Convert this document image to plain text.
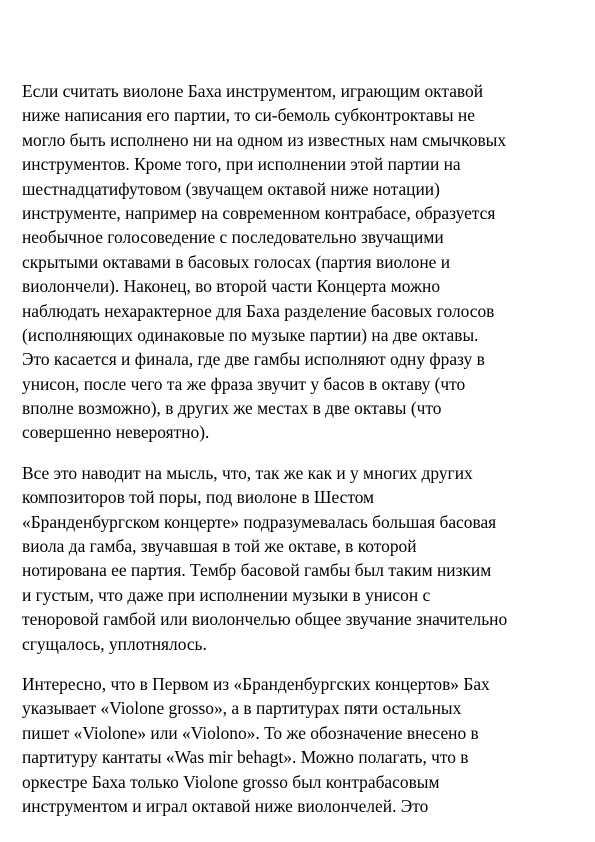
Если считать виолоне Баха инструментом, играющим октавой
ниже написания его партии, то си-бемоль субконтроктавы не
могло быть исполнено ни на одном из известных нам смычковых
инструментов. Кроме того, при исполнении этой партии на
шестнадцатифутовом (звучащем октавой ниже нотации)
инструменте, например на современном контрабасе, образуется
необычное голосоведение с последовательно звучащими
скрытыми октавами в басовых голосах (партия виолоне и
виолончели). Наконец, во второй части Концерта можно
наблюдать нехарактерное для Баха разделение басовых голосов
(исполняющих одинаковые по музыке партии) на две октавы.
Это касается и финала, где две гамбы исполняют одну фразу в
унисон, после чего та же фраза звучит у басов в октаву (что
вполне возможно), в других же местах в две октавы (что
совершенно невероятно).
Все это наводит на мысль, что, так же как и у многих других
композиторов той поры, под виолоне в Шестом
«Бранденбургском концерте» подразумевалась большая басовая
виола да гамба, звучавшая в той же октаве, в которой
нотирована ее партия. Тембр басовой гамбы был таким низким
и густым, что даже при исполнении музыки в унисон с
теноровой гамбой или виолончелью общее звучание значительно
сгущалось, уплотнялось.
Интересно, что в Первом из «Бранденбургских концертов» Бах
указывает «Violone grosso», а в партитурах пяти остальных
пишет «Violone» или «Violono». То же обозначение внесено в
партитуру кантаты «Was mir behagt». Можно полагать, что в
оркестре Баха только Violone grosso был контрабасовым
инструментом и играл октавой ниже виолончелей. Это
